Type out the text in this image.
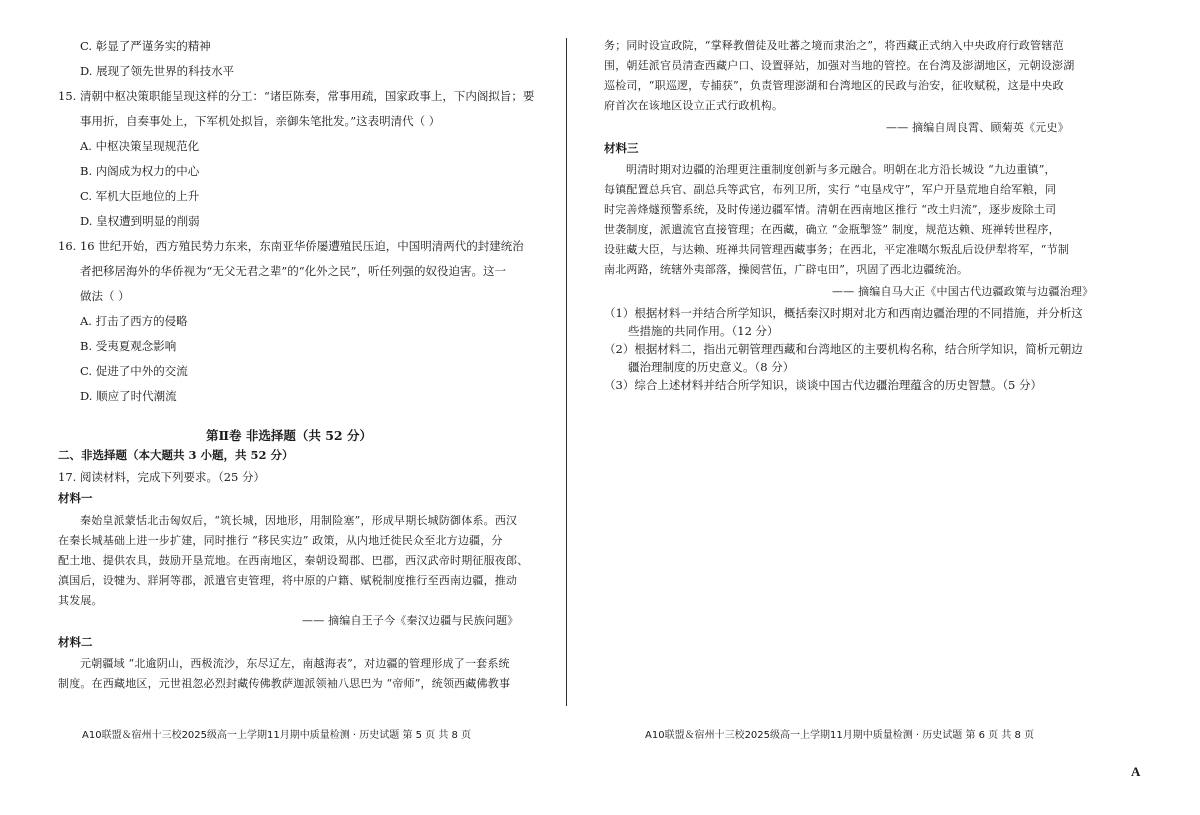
C. 彰显了严谨务实的精神
D. 展现了领先世界的科技水平
15. 清朝中枢决策职能呈现这样的分工：“诸臣陈奏，常事用疏，国家政事上，下内阁拟旨；要
事用折，自奏事处上，下军机处拟旨，亲御朱笔批发。”这表明清代（ ）
A. 中枢决策呈现规范化
B. 内阁成为权力的中心
C. 军机大臣地位的上升
D. 皇权遭到明显的削弱
16. 16 世纪开始，西方殖民势力东来，东南亚华侨屡遭殖民压迫，中国明清两代的封建统治
者把移居海外的华侨视为“无父无君之辈”的“化外之民”，听任列强的奴役迫害。这一
做法（ ）
A. 打击了西方的侵略
B. 受夷夏观念影响
C. 促进了中外的交流
D. 顺应了时代潮流
第Ⅱ卷 非选择题（共 52 分）
二、非选择题（本大题共 3 小题，共 52 分）
17. 阅读材料，完成下列要求。（25 分）
材料一
秦始皇派蒙恬北击匈奴后，“筑长城，因地形，用制险塞”，形成早期长城防御体系。西汉
在秦长城基础上进一步扩建，同时推行 “移民实边” 政策，从内地迁徙民众至北方边疆，分
配土地、提供农具，鼓励开垦荒地。在西南地区，秦朝设蜀郡、巴郡，西汉武帝时期征服夜郎、
滇国后，设犍为、牂牁等郡，派遣官吏管理，将中原的户籍、赋税制度推行至西南边疆，推动
其发展。
—— 摘编自王子今《秦汉边疆与民族问题》
材料二
元朝疆域 “北逾阴山，西极流沙，东尽辽左，南越海表”，对边疆的管理形成了一套系统
制度。在西藏地区，元世祖忽必烈封藏传佛教萨迦派领袖八思巴为 “帝师”，统领西藏佛教事
A10联盟＆宿州十三校2025级高一上学期11月期中质量检测 · 历史试题 第 5 页 共 8 页
务；同时设宣政院，“掌释教僧徒及吐蕃之境而隶治之”，将西藏正式纳入中央政府行政管辖范
围，朝廷派官员清查西藏户口、设置驿站，加强对当地的管控。在台湾及澎湖地区，元朝设澎湖
巡检司，“职巡逻，专捕获”，负责管理澎湖和台湾地区的民政与治安，征收赋税，这是中央政
府首次在该地区设立正式行政机构。
—— 摘编自周良霄、顾菊英《元史》
材料三
明清时期对边疆的治理更注重制度创新与多元融合。明朝在北方沿长城设 “九边重镇”，
每镇配置总兵官、副总兵等武官，布列卫所，实行 “屯垦戍守”，军户开垦荒地自给军粮，同
时完善烽燧预警系统，及时传递边疆军情。清朝在西南地区推行 “改土归流”，逐步废除土司
世袭制度，派遣流官直接管理；在西藏，确立 “金瓶掣签” 制度，规范达赖、班禅转世程序，
设驻藏大臣，与达赖、班禅共同管理西藏事务；在西北，平定准噶尔叛乱后设伊犁将军，“节制
南北两路，统辖外夷部落，操阅营伍，广辟屯田”，巩固了西北边疆统治。
—— 摘编自马大正《中国古代边疆政策与边疆治理》
（1）根据材料一并结合所学知识，概括秦汉时期对北方和西南边疆治理的不同措施，并分析这
些措施的共同作用。（12 分）
（2）根据材料二，指出元朝管理西藏和台湾地区的主要机构名称，结合所学知识，简析元朝边
疆治理制度的历史意义。（8 分）
（3）综合上述材料并结合所学知识，谈谈中国古代边疆治理蕴含的历史智慧。（5 分）
A10联盟＆宿州十三校2025级高一上学期11月期中质量检测 · 历史试题 第 6 页 共 8 页
A
